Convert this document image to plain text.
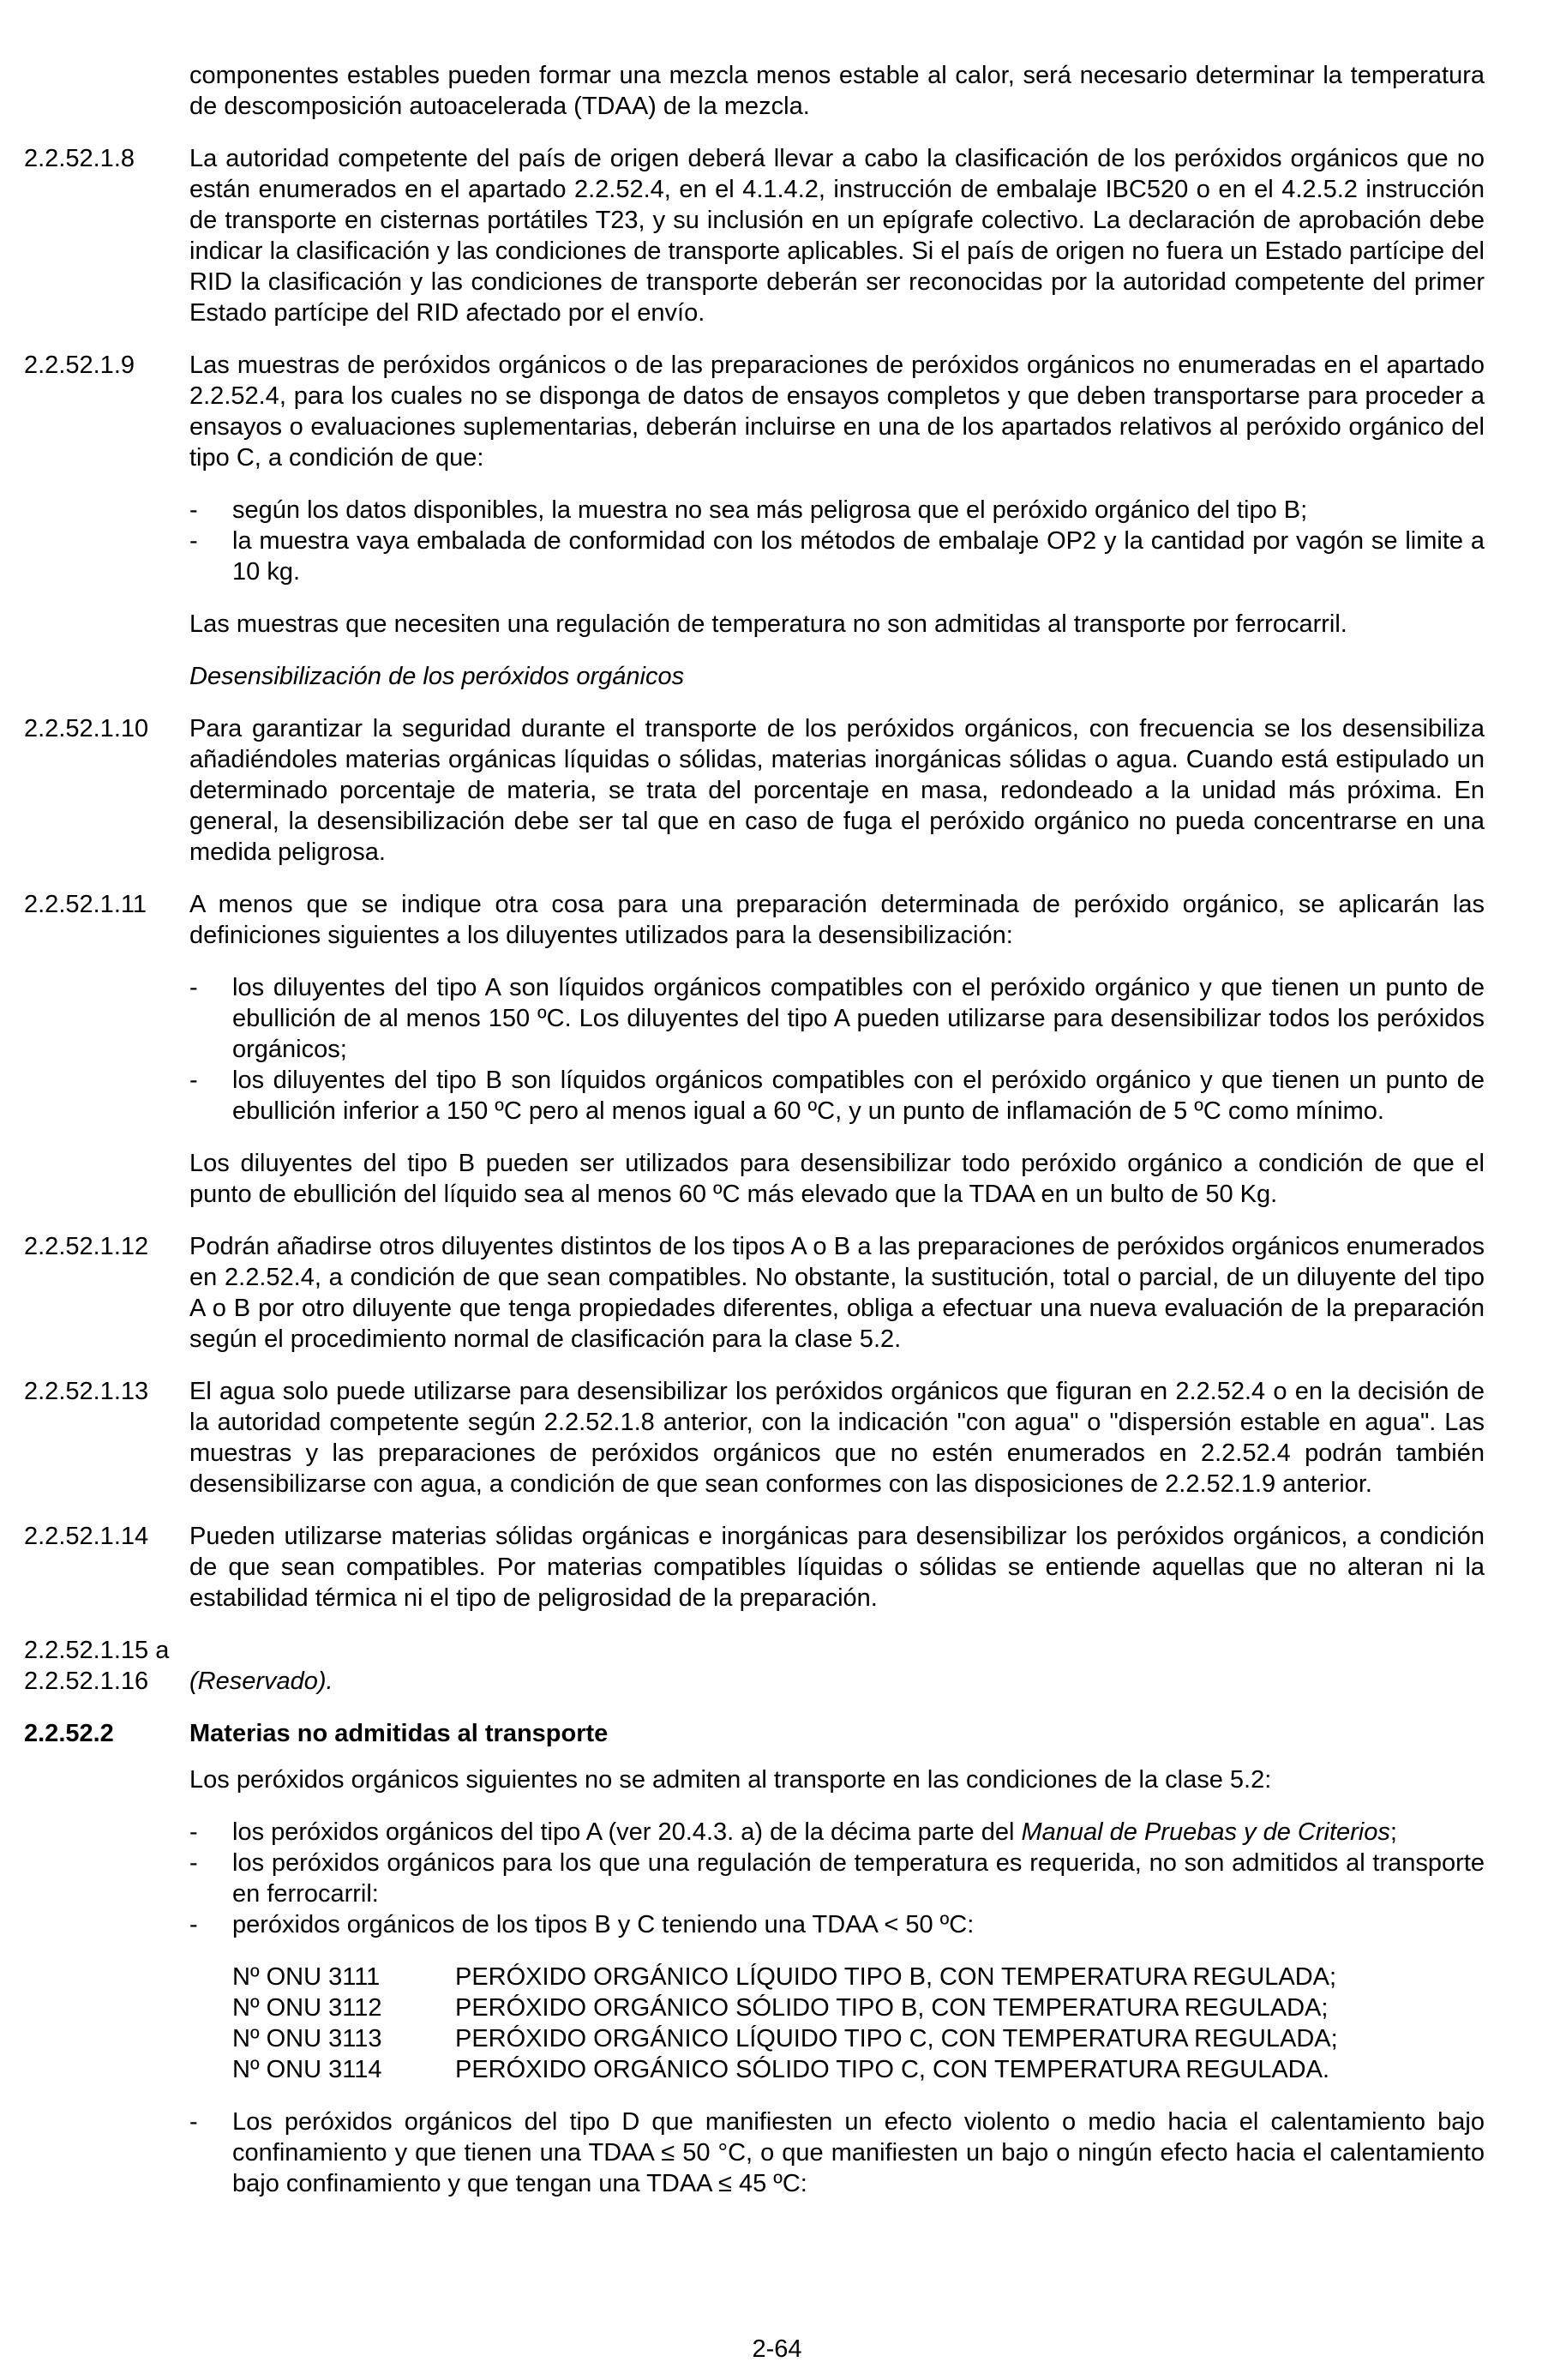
componentes estables pueden formar una mezcla menos estable al calor, será necesario determinar la temperatura de descomposición autoacelerada (TDAA) de la mezcla.
2.2.52.1.8 La autoridad competente del país de origen deberá llevar a cabo la clasificación de los peróxidos orgánicos que no están enumerados en el apartado 2.2.52.4, en el 4.1.4.2, instrucción de embalaje IBC520 o en el 4.2.5.2 instrucción de transporte en cisternas portátiles T23, y su inclusión en un epígrafe colectivo. La declaración de aprobación debe indicar la clasificación y las condiciones de transporte aplicables. Si el país de origen no fuera un Estado partícipe del RID la clasificación y las condiciones de transporte deberán ser reconocidas por la autoridad competente del primer Estado partícipe del RID afectado por el envío.
2.2.52.1.9 Las muestras de peróxidos orgánicos o de las preparaciones de peróxidos orgánicos no enumeradas en el apartado 2.2.52.4, para los cuales no se disponga de datos de ensayos completos y que deben transportarse para proceder a ensayos o evaluaciones suplementarias, deberán incluirse en una de los apartados relativos al peróxido orgánico del tipo C, a condición de que:
- según los datos disponibles, la muestra no sea más peligrosa que el peróxido orgánico del tipo B;
- la muestra vaya embalada de conformidad con los métodos de embalaje OP2 y la cantidad por vagón se limite a 10 kg.
Las muestras que necesiten una regulación de temperatura no son admitidas al transporte por ferrocarril.
Desensibilización de los peróxidos orgánicos
2.2.52.1.10 Para garantizar la seguridad durante el transporte de los peróxidos orgánicos, con frecuencia se los desensibiliza añadiéndoles materias orgánicas líquidas o sólidas, materias inorgánicas sólidas o agua. Cuando está estipulado un determinado porcentaje de materia, se trata del porcentaje en masa, redondeado a la unidad más próxima. En general, la desensibilización debe ser tal que en caso de fuga el peróxido orgánico no pueda concentrarse en una medida peligrosa.
2.2.52.1.11 A menos que se indique otra cosa para una preparación determinada de peróxido orgánico, se aplicarán las definiciones siguientes a los diluyentes utilizados para la desensibilización:
- los diluyentes del tipo A son líquidos orgánicos compatibles con el peróxido orgánico y que tienen un punto de ebullición de al menos 150 ºC. Los diluyentes del tipo A pueden utilizarse para desensibilizar todos los peróxidos orgánicos;
- los diluyentes del tipo B son líquidos orgánicos compatibles con el peróxido orgánico y que tienen un punto de ebullición inferior a 150 ºC pero al menos igual a 60 ºC, y un punto de inflamación de 5 ºC como mínimo.
Los diluyentes del tipo B pueden ser utilizados para desensibilizar todo peróxido orgánico a condición de que el punto de ebullición del líquido sea al menos 60 ºC más elevado que la TDAA en un bulto de 50 Kg.
2.2.52.1.12 Podrán añadirse otros diluyentes distintos de los tipos A o B a las preparaciones de peróxidos orgánicos enumerados en 2.2.52.4, a condición de que sean compatibles. No obstante, la sustitución, total o parcial, de un diluyente del tipo A o B por otro diluyente que tenga propiedades diferentes, obliga a efectuar una nueva evaluación de la preparación según el procedimiento normal de clasificación para la clase 5.2.
2.2.52.1.13 El agua solo puede utilizarse para desensibilizar los peróxidos orgánicos que figuran en 2.2.52.4 o en la decisión de la autoridad competente según 2.2.52.1.8 anterior, con la indicación "con agua" o "dispersión estable en agua". Las muestras y las preparaciones de peróxidos orgánicos que no estén enumerados en 2.2.52.4 podrán también desensibilizarse con agua, a condición de que sean conformes con las disposiciones de 2.2.52.1.9 anterior.
2.2.52.1.14 Pueden utilizarse materias sólidas orgánicas e inorgánicas para desensibilizar los peróxidos orgánicos, a condición de que sean compatibles. Por materias compatibles líquidas o sólidas se entiende aquellas que no alteran ni la estabilidad térmica ni el tipo de peligrosidad de la preparación.
2.2.52.1.15 a
2.2.52.1.16	(Reservado).
2.2.52.2	Materias no admitidas al transporte
Los peróxidos orgánicos siguientes no se admiten al transporte en las condiciones de la clase 5.2:
- los peróxidos orgánicos del tipo A (ver 20.4.3. a) de la décima parte del Manual de Pruebas y de Criterios;
- los peróxidos orgánicos para los que una regulación de temperatura es requerida, no son admitidos al transporte en ferrocarril:
- peróxidos orgánicos de los tipos B y C teniendo una TDAA < 50 ºC:
Nº ONU 3111	PERÓXIDO ORGÁNICO LÍQUIDO TIPO B, CON TEMPERATURA REGULADA;
Nº ONU 3112	PERÓXIDO ORGÁNICO SÓLIDO TIPO B, CON TEMPERATURA REGULADA;
Nº ONU 3113	PERÓXIDO ORGÁNICO LÍQUIDO TIPO C, CON TEMPERATURA REGULADA;
Nº ONU 3114	PERÓXIDO ORGÁNICO SÓLIDO TIPO C, CON TEMPERATURA REGULADA.
- Los peróxidos orgánicos del tipo D que manifiesten un efecto violento o medio hacia el calentamiento bajo confinamiento y que tienen una TDAA ≤ 50 °C, o que manifiesten un bajo o ningún efecto hacia el calentamiento bajo confinamiento y que tengan una TDAA ≤ 45 ºC:
2-64
